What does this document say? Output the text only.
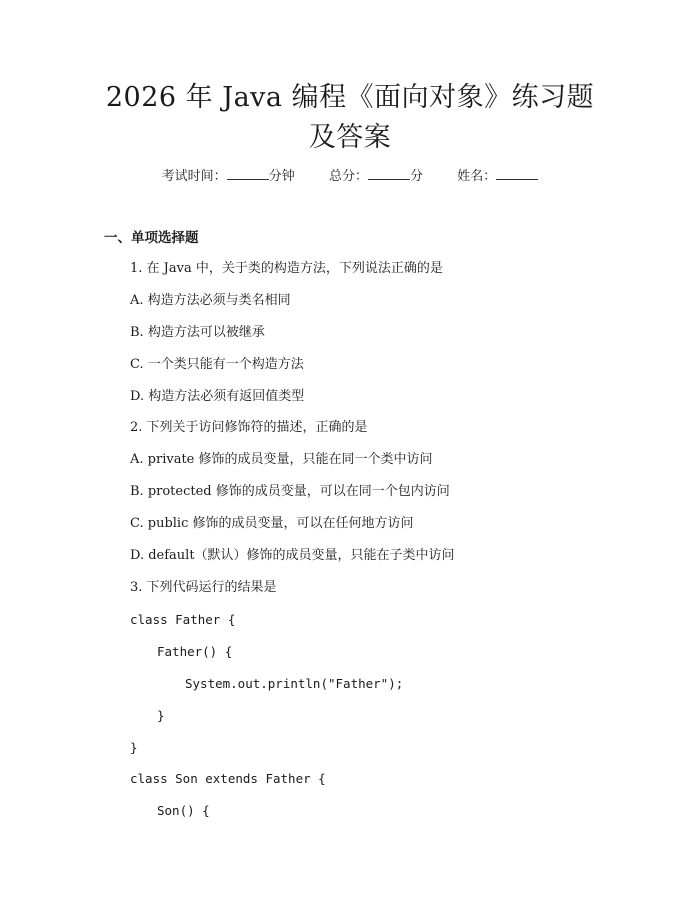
2026 年 Java 编程《面向对象》练习题及答案
考试时间：	分钟	总分：	分	姓名：
一、单项选择题
1. 在 Java 中，关于类的构造方法，下列说法正确的是
A. 构造方法必须与类名相同
B. 构造方法可以被继承
C. 一个类只能有一个构造方法
D. 构造方法必须有返回值类型
2. 下列关于访问修饰符的描述，正确的是
A. private 修饰的成员变量，只能在同一个类中访问
B. protected 修饰的成员变量，可以在同一个包内访问
C. public 修饰的成员变量，可以在任何地方访问
D. default（默认）修饰的成员变量，只能在子类中访问
3. 下列代码运行的结果是
class Father {
Father() {
System.out.println("Father");
}
}
class Son extends Father {
Son() {
